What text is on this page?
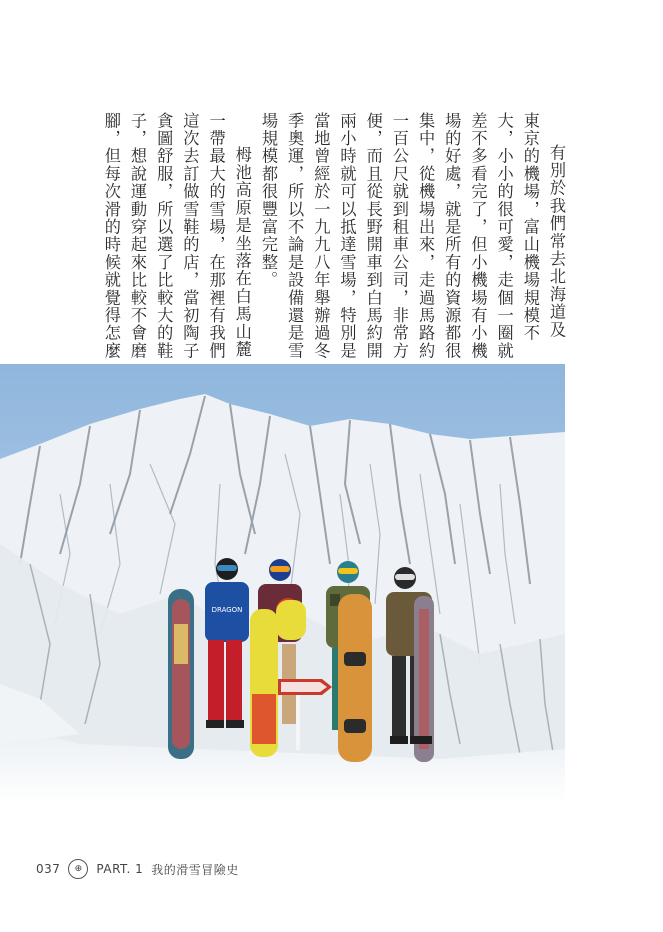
有別於我們常去北海道及
東京的機場，富山機場規模不
大，小小的很可愛，走個一圈就
差不多看完了，但小機場有小機
場的好處，就是所有的資源都很
集中，從機場出來，走過馬路約
一百公尺就到租車公司，非常方
便，而且從長野開車到白馬約開
兩小時就可以抵達雪場，特別是
當地曾經於一九九八年舉辦過冬
季奧運，所以不論是設備還是雪
場規模都很豐富完整。
栂池高原是坐落在白馬山麓
一帶最大的雪場，在那裡有我們
這次去訂做雪鞋的店，當初陶子
貪圖舒服，所以選了比較大的鞋
子，想說運動穿起來比較不會磨
腳，但每次滑的時候就覺得怎麼
DRAGON
037	⊕	PART. 1 我的滑雪冒險史
